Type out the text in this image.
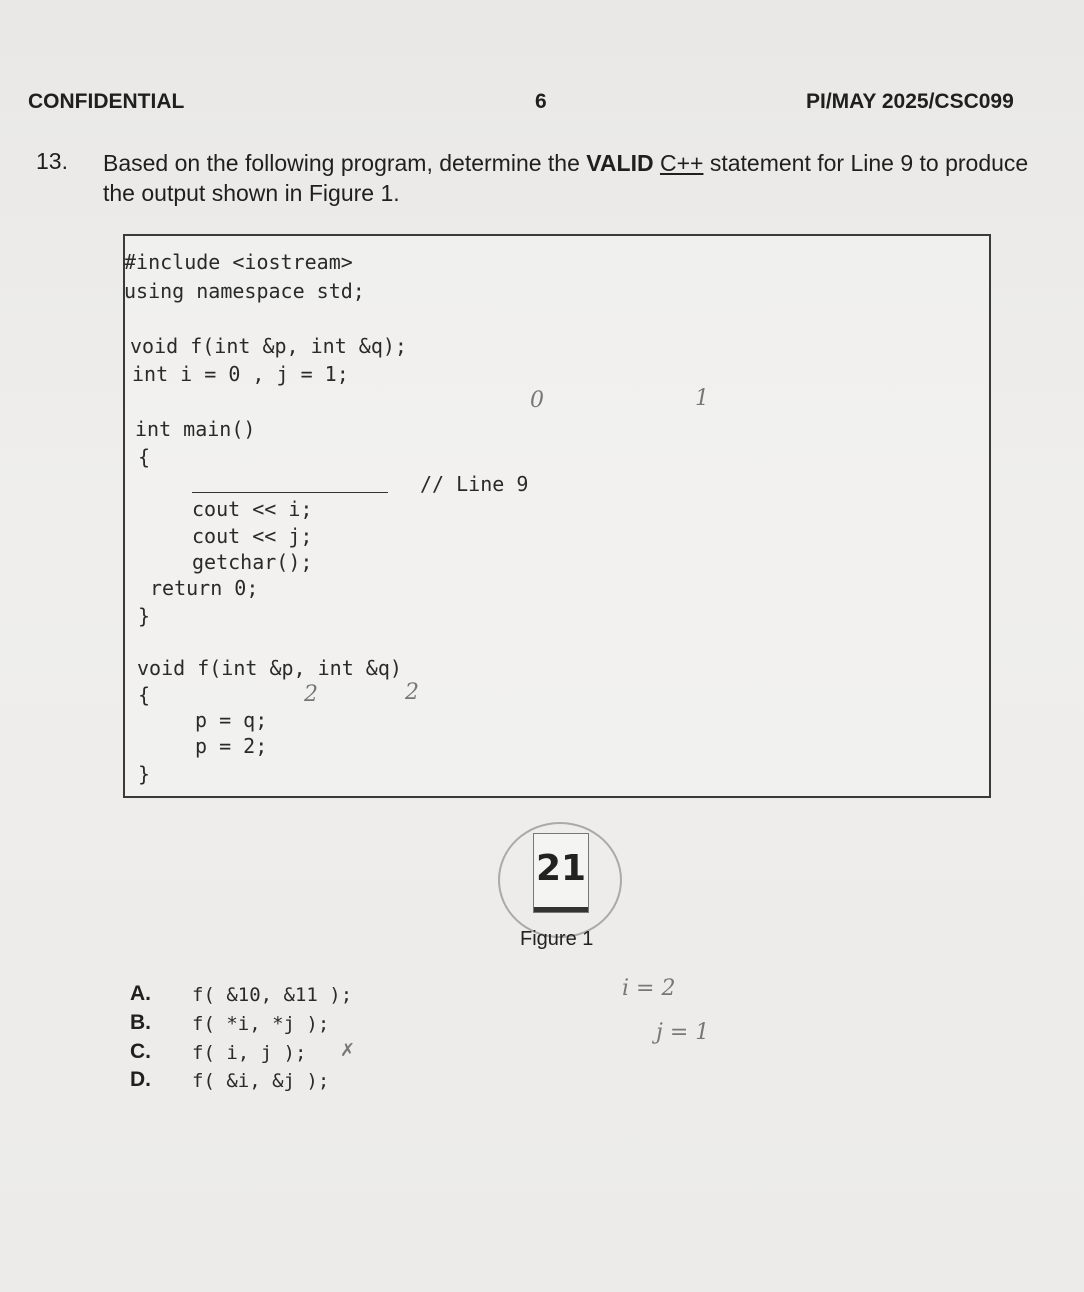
CONFIDENTIAL	6	PI/MAY 2025/CSC099
13. Based on the following program, determine the VALID C++ statement for Line 9 to produce the output shown in Figure 1.
#include <iostream>
using namespace std;
void f(int &p, int &q);
int i = 0 , j = 1;
int main()
{
// Line 9
cout << i;
cout << j;
getchar();
return 0;
}
void f(int &p, int &q)
{
p = q;
p = 2;
}
0	1
2	2
i = 2
j = 1
21
Figure 1
A. f( &10, &11 );
B. f( *i, *j );
C. f( i, j ); ✗
D. f( &i, &j );
